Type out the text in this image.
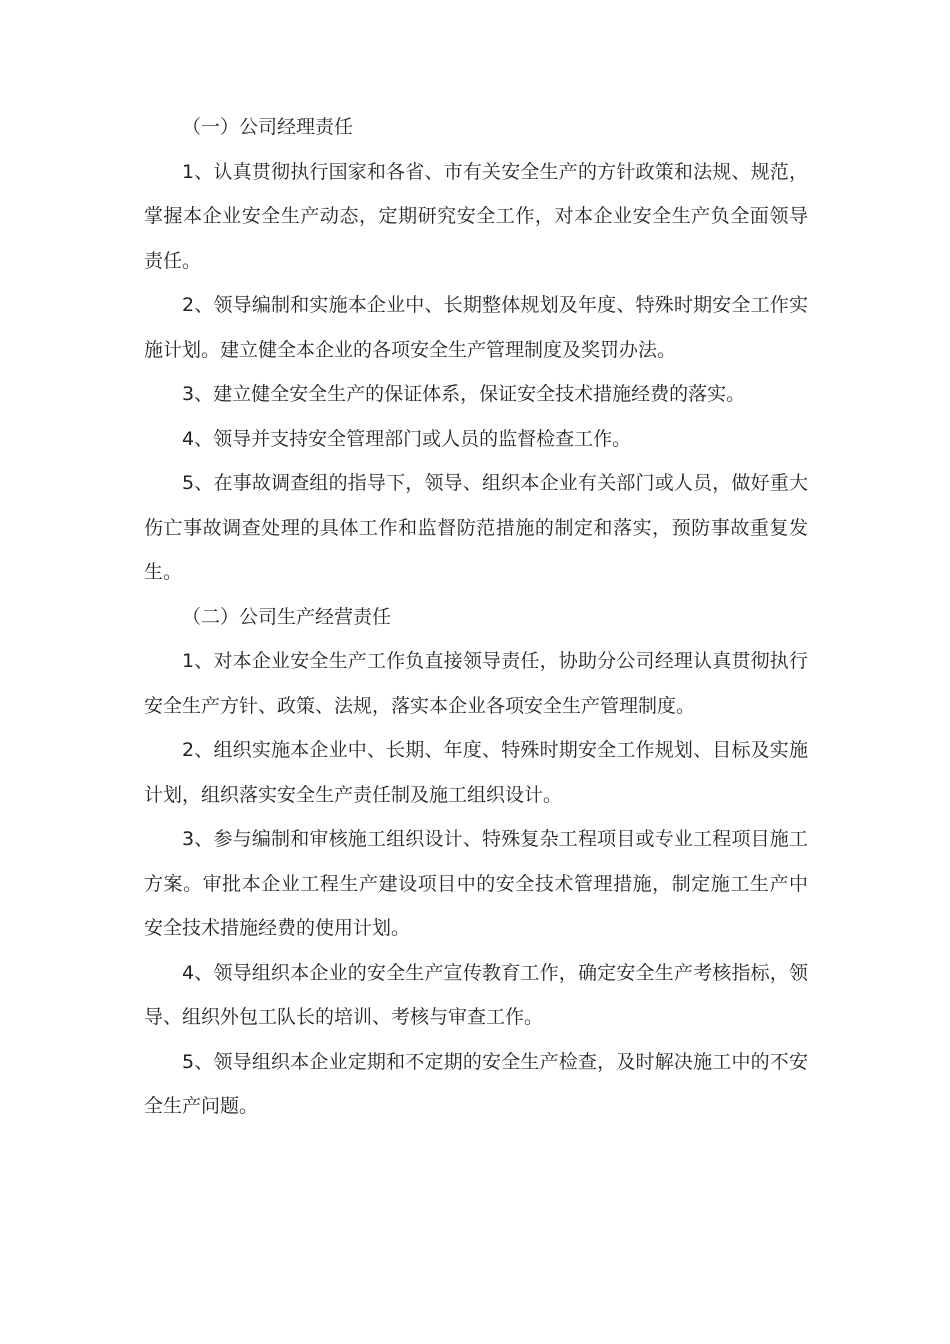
（一）公司经理责任

1、认真贯彻执行国家和各省、市有关安全生产的方针政策和法规、规范，掌握本企业安全生产动态，定期研究安全工作，对本企业安全生产负全面领导责任。

2、领导编制和实施本企业中、长期整体规划及年度、特殊时期安全工作实施计划。建立健全本企业的各项安全生产管理制度及奖罚办法。

3、建立健全安全生产的保证体系，保证安全技术措施经费的落实。

4、领导并支持安全管理部门或人员的监督检查工作。

5、在事故调查组的指导下，领导、组织本企业有关部门或人员，做好重大伤亡事故调查处理的具体工作和监督防范措施的制定和落实，预防事故重复发生。

（二）公司生产经营责任

1、对本企业安全生产工作负直接领导责任，协助分公司经理认真贯彻执行安全生产方针、政策、法规，落实本企业各项安全生产管理制度。

2、组织实施本企业中、长期、年度、特殊时期安全工作规划、目标及实施计划，组织落实安全生产责任制及施工组织设计。

3、参与编制和审核施工组织设计、特殊复杂工程项目或专业工程项目施工方案。审批本企业工程生产建设项目中的安全技术管理措施，制定施工生产中安全技术措施经费的使用计划。

4、领导组织本企业的安全生产宣传教育工作，确定安全生产考核指标，领导、组织外包工队长的培训、考核与审查工作。

5、领导组织本企业定期和不定期的安全生产检查，及时解决施工中的不安全生产问题。
